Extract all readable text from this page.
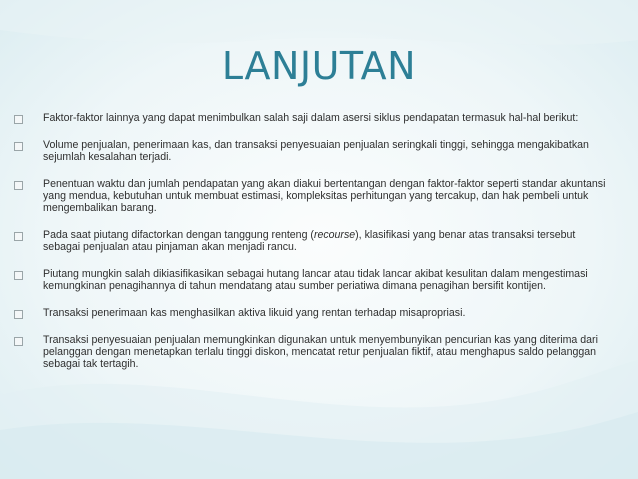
LANJUTAN
Faktor-faktor lainnya yang dapat menimbulkan salah saji dalam asersi siklus pendapatan termasuk hal-hal berikut:
Volume penjualan, penerimaan kas, dan transaksi penyesuaian penjualan seringkali tinggi, sehingga mengakibatkan sejumlah kesalahan terjadi.
Penentuan waktu dan jumlah pendapatan yang akan diakui bertentangan dengan faktor-faktor seperti standar akuntansi yang mendua, kebutuhan untuk membuat estimasi, kompleksitas perhitungan yang tercakup, dan hak pembeli untuk mengembalikan barang.
Pada saat piutang difactorkan dengan tanggung renteng (recourse), klasifikasi yang benar atas transaksi tersebut sebagai penjualan atau pinjaman akan menjadi rancu.
Piutang mungkin salah dikiasifikasikan sebagai hutang lancar atau tidak lancar akibat kesulitan dalam mengestimasi kemungkinan penagihannya di tahun mendatang atau sumber periatiwa dimana penagihan bersifit kontijen.
Transaksi penerimaan kas menghasilkan aktiva likuid yang rentan terhadap misapropriasi.
Transaksi penyesuaian penjualan memungkinkan digunakan untuk menyembunyikan pencurian kas yang diterima dari pelanggan dengan menetapkan terlalu tinggi diskon, mencatat retur penjualan fiktif, atau menghapus saldo pelanggan sebagai tak tertagih.
